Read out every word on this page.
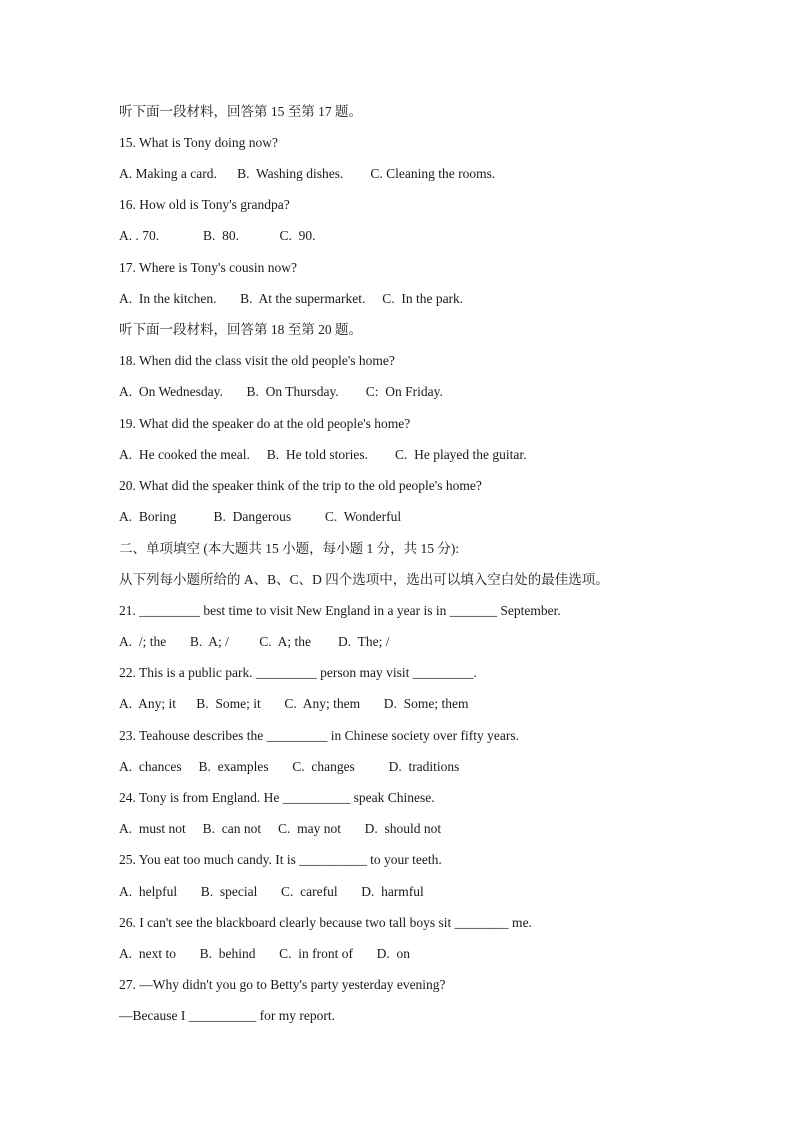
听下面一段材料，回答第 15 至第 17 题。
15. What is Tony doing now?
A. Making a card.      B.  Washing dishes.        C. Cleaning the rooms.
16. How old is Tony's grandpa?
A. . 70.             B.  80.            C.  90.
17. Where is Tony's cousin now?
A.  In the kitchen.       B.  At the supermarket.     C.  In the park.
听下面一段材料，回答第 18 至第 20 题。
18. When did the class visit the old people's home?
A.  On Wednesday.       B.  On Thursday.        C:  On Friday.
19. What did the speaker do at the old people's home?
A.  He cooked the meal.     B.  He told stories.        C.  He played the guitar.
20. What did the speaker think of the trip to the old people's home?
A.  Boring           B.  Dangerous          C.  Wonderful
二、单项填空 (本大题共 15 小题，每小题 1 分，共 15 分):
从下列每小题所给的 A、B、C、D 四个选项中，选出可以填入空白处的最佳选项。
21. _________ best time to visit New England in a year is in _______ September.
A.  /; the       B.  A; /         C.  A; the        D.  The; /
22. This is a public park. _________ person may visit _________.
A.  Any; it      B.  Some; it       C.  Any; them       D.  Some; them
23. Teahouse describes the _________ in Chinese society over fifty years.
A.  chances     B.  examples       C.  changes          D.  traditions
24. Tony is from England. He __________ speak Chinese.
A.  must not     B.  can not     C.  may not       D.  should not
25. You eat too much candy. It is __________ to your teeth.
A.  helpful       B.  special       C.  careful       D.  harmful
26. I can't see the blackboard clearly because two tall boys sit ________ me.
A.  next to       B.  behind       C.  in front of       D.  on
27. —Why didn't you go to Betty's party yesterday evening?
—Because I __________ for my report.
